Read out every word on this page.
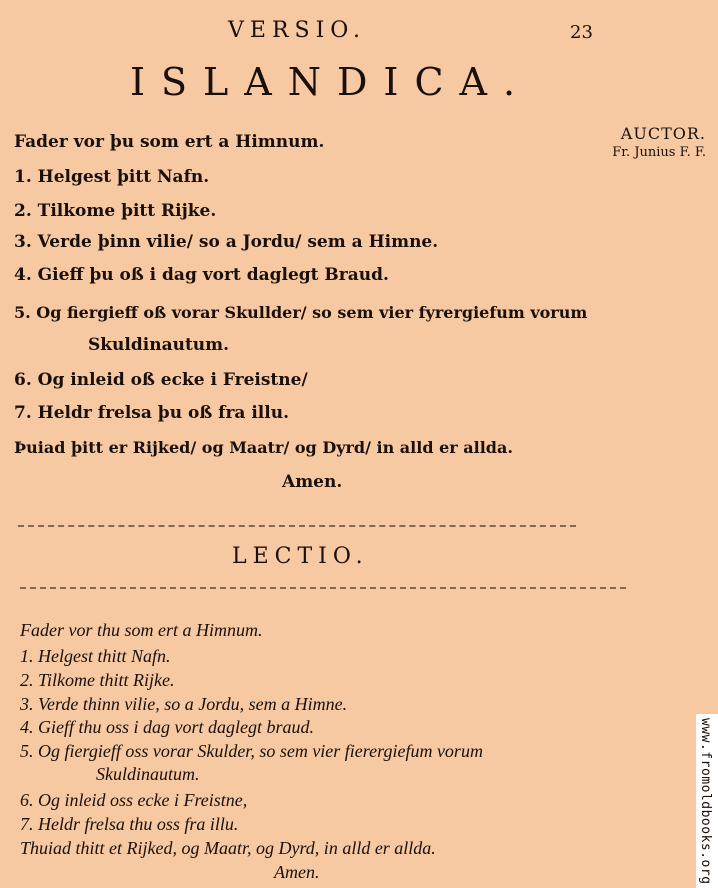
VERSIO.	23
ISLANDICA.
AUCTOR.
Fr. Junius F. F.
Fader vor þu som ert a Himnum.
1. Helgest þitt Nafn.
2. Tilkome þitt Rijke.
3. Verde þinn vilie/ so a Jordu/ sem a Himne.
4. Gieff þu oß i dag vort daglegt Braud.
5. Og fiergieff oß vorar Skullder/ so sem vier fyrergiefum vorum
Skuldinautum.
6. Og inleid oß ecke i Freistne/
7. Heldr frelsa þu oß fra illu.
Þuiad þitt er Rijked/ og Maatr/ og Dyrd/ in alld er allda.
Amen.
LECTIO.
Fader vor thu som ert a Himnum.
1. Helgest thitt Nafn.
2. Tilkome thitt Rijke.
3. Verde thinn vilie, so a Jordu, sem a Himne.
4. Gieff thu oss i dag vort daglegt braud.
5. Og fiergieff oss vorar Skulder, so sem vier fierergiefum vorum
Skuldinautum.
6. Og inleid oss ecke i Freistne,
7. Heldr frelsa thu oss fra illu.
Thuiad thitt et Rijked, og Maatr, og Dyrd, in alld er allda.
Amen.	www.fromoldbooks.org
